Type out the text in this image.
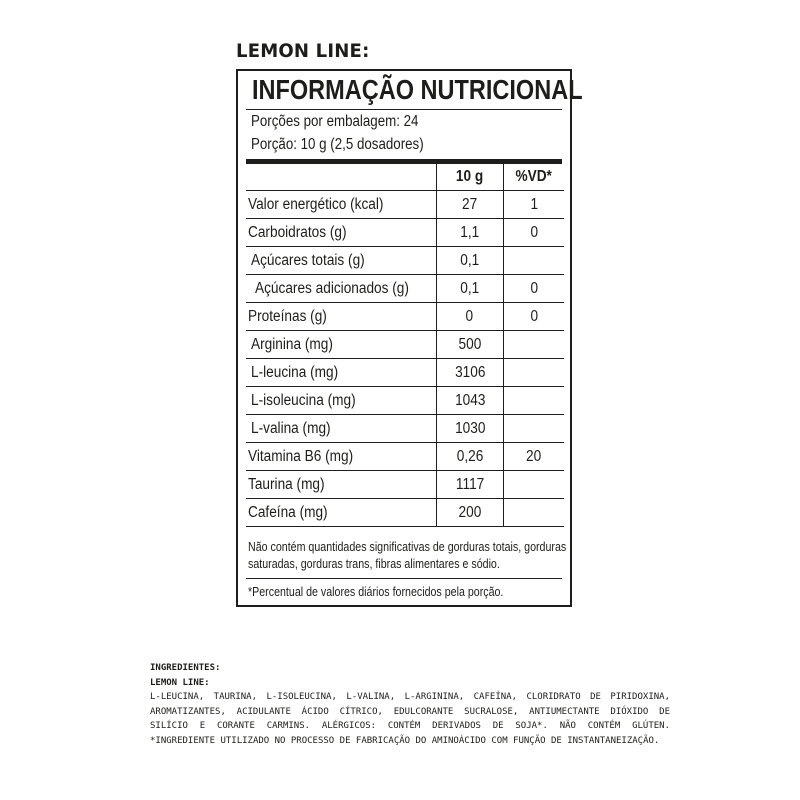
LEMON LINE:
INFORMAÇÃO NUTRICIONAL
Porções por embalagem: 24
Porção: 10 g (2,5 dosadores)
	10 g	%VD*
Valor energético (kcal)	27	1
Carboidratos (g)	1,1	0
Açúcares totais (g)	0,1	
Açúcares adicionados (g)	0,1	0
Proteínas (g)	0	0
Arginina (mg)	500	
L-leucina (mg)	3106	
L-isoleucina (mg)	1043	
L-valina (mg)	1030	
Vitamina B6 (mg)	0,26	20
Taurina (mg)	1117	
Cafeína (mg)	200	
Não contém quantidades significativas de gorduras totais, gorduras
saturadas, gorduras trans, fibras alimentares e sódio.
*Percentual de valores diários fornecidos pela porção.
INGREDIENTES:
LEMON LINE:
L-LEUCINA, TAURINA, L-ISOLEUCINA, L-VALINA, L-ARGININA, CAFEÍNA, CLORIDRATO DE PIRIDOXINA, AROMATIZANTES, ACIDULANTE ÁCIDO CÍTRICO, EDULCORANTE SUCRALOSE, ANTIUMECTANTE DIÓXIDO DE SILÍCIO E CORANTE CARMINS. ALÉRGICOS: CONTÉM DERIVADOS DE SOJA*. NÃO CONTÉM GLÚTEN. *INGREDIENTE UTILIZADO NO PROCESSO DE FABRICAÇÃO DO AMINOÁCIDO COM FUNÇÃO DE INSTANTANEIZAÇÃO.
